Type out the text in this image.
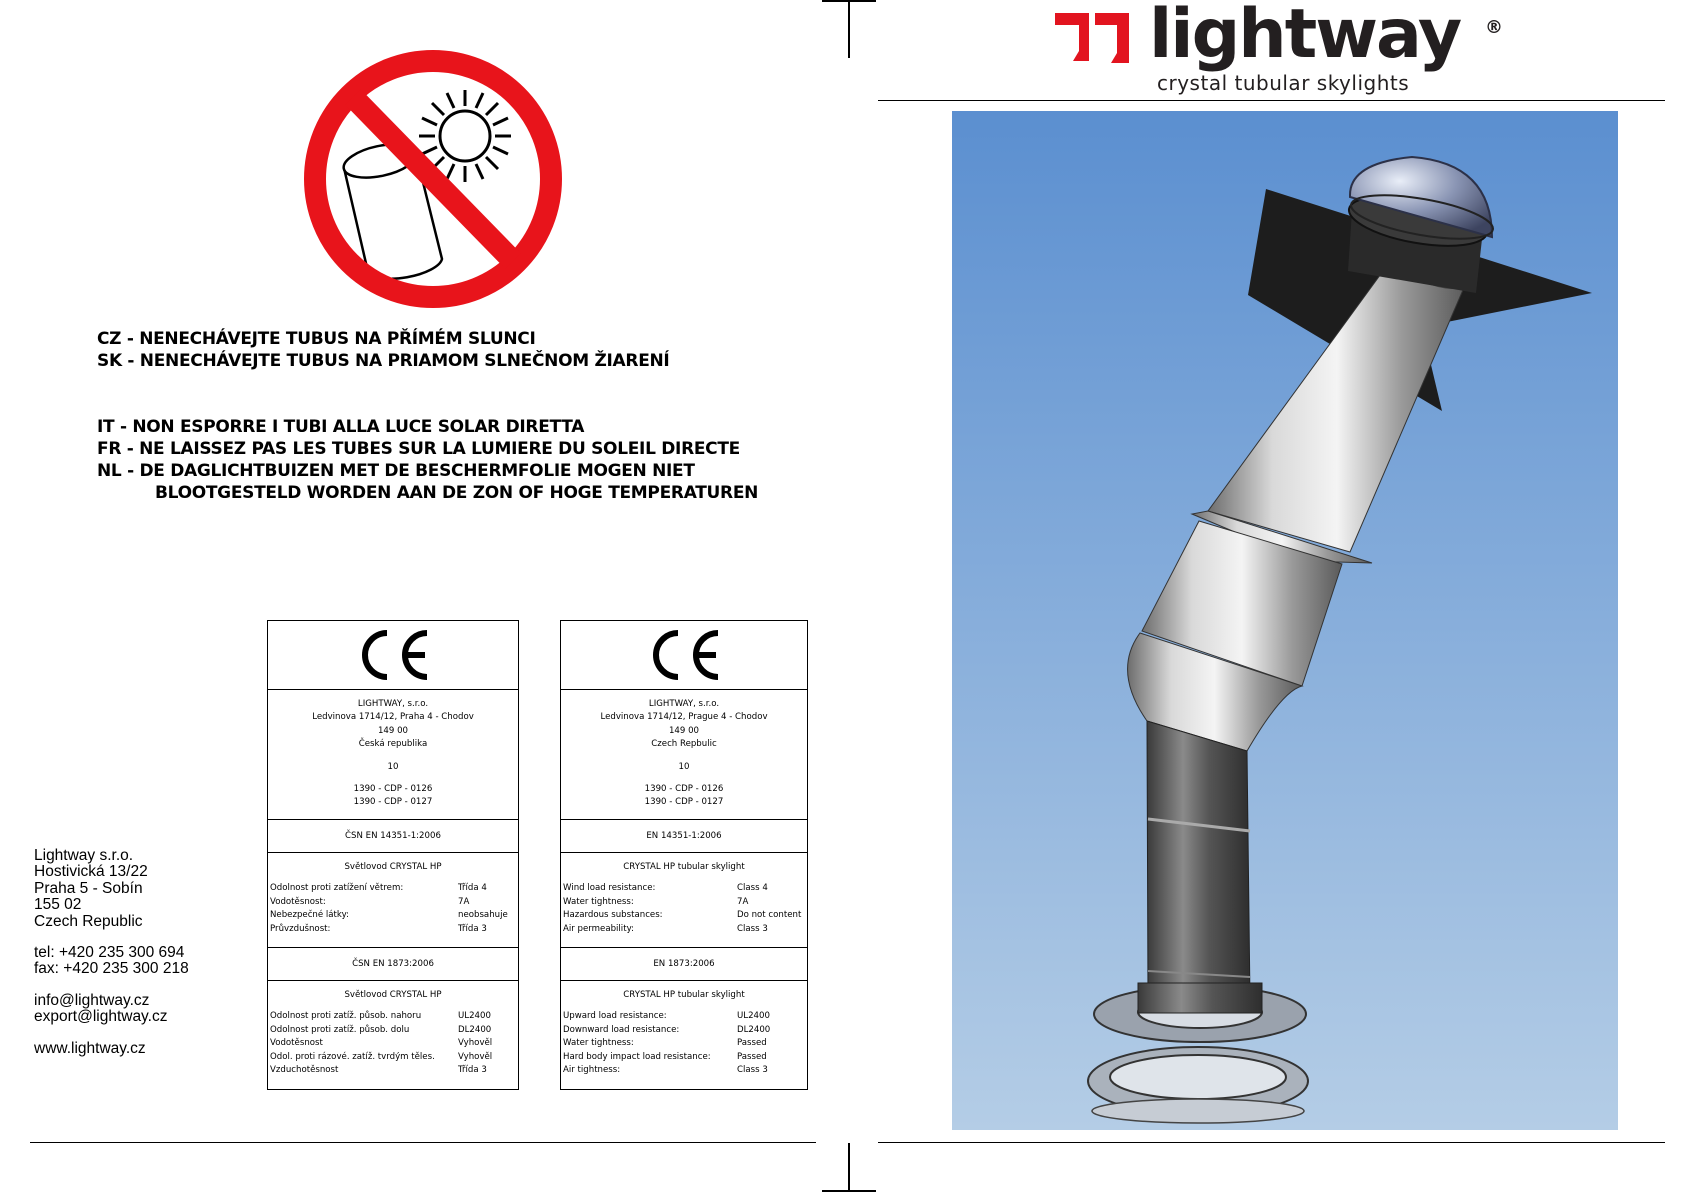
CZ - NENECHÁVEJTE TUBUS NA PŘÍMÉM SLUNCI
SK - NENECHÁVEJTE TUBUS NA PRIAMOM SLNEČNOM ŽIARENÍ
IT - NON ESPORRE I TUBI ALLA LUCE SOLAR DIRETTA
FR - NE LAISSEZ PAS LES TUBES SUR LA LUMIERE DU SOLEIL DIRECTE
NL - DE DAGLICHTBUIZEN MET DE BESCHERMFOLIE MOGEN NIET
BLOOTGESTELD WORDEN AAN DE ZON OF HOGE TEMPERATUREN
Lightway s.r.o.
Hostivická 13/22
Praha 5 - Sobín
155 02
Czech Republic
tel: +420 235 300 694
fax: +420 235 300 218
info@lightway.cz
export@lightway.cz
www.lightway.cz
LIGHTWAY, s.r.o.
Ledvinova 1714/12, Praha 4 - Chodov
149 00
Česká republika
10
1390 - CDP - 0126
1390 - CDP - 0127
ČSN EN 14351-1:2006
Světlovod CRYSTAL HP
Odolnost proti zatížení větrem:	Třída 4
Vodotěsnost:	7A
Nebezpečné látky:	neobsahuje
Průvzdušnost:	Třída 3
ČSN EN 1873:2006
Světlovod CRYSTAL HP
Odolnost proti zatíž. působ. nahoru	UL2400
Odolnost proti zatíž. působ. dolu	DL2400
Vodotěsnost	Vyhověl
Odol. proti rázové. zatíž. tvrdým těles.	Vyhověl
Vzduchotěsnost	Třída 3
LIGHTWAY, s.r.o.
Ledvinova 1714/12, Prague 4 - Chodov
149 00
Czech Repbulic
10
1390 - CDP - 0126
1390 - CDP - 0127
EN 14351-1:2006
CRYSTAL HP tubular skylight
Wind load resistance:	Class 4
Water tightness:	7A
Hazardous substances:	Do not content
Air permeability:	Class 3
EN 1873:2006
CRYSTAL HP tubular skylight
Upward load resistance:	UL2400
Downward load resistance:	DL2400
Water tightness:	Passed
Hard body impact load resistance:	Passed
Air tightness:	Class 3
lightway ®
crystal tubular skylights
